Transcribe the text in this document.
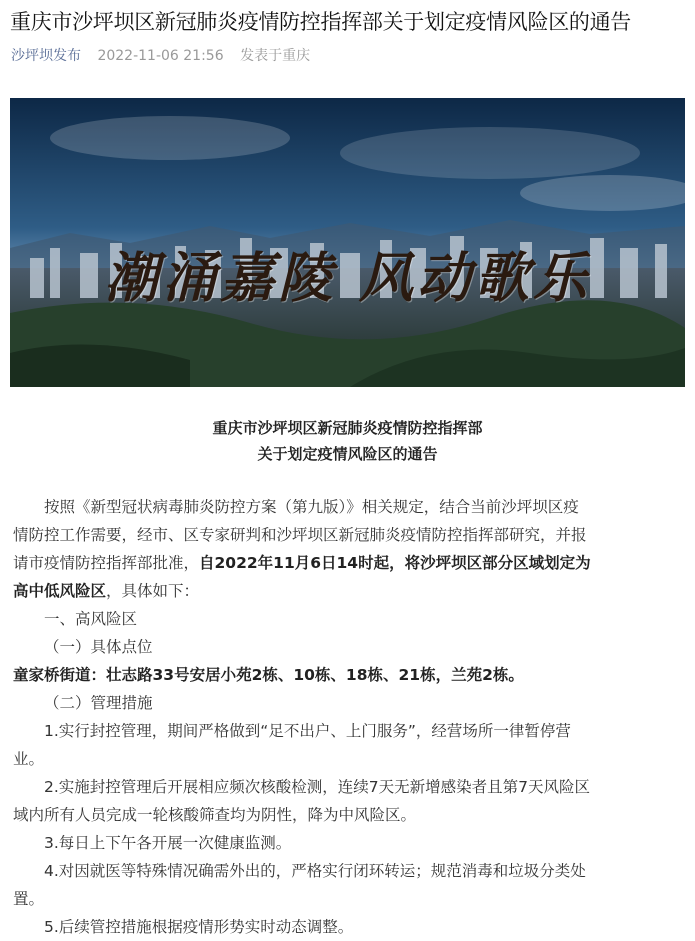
重庆市沙坪坝区新冠肺炎疫情防控指挥部关于划定疫情风险区的通告
沙坪坝发布 2022-11-06 21:56 发表于重庆
潮涌嘉陵 风动歌乐
重庆市沙坪坝区新冠肺炎疫情防控指挥部
关于划定疫情风险区的通告

按照《新型冠状病毒肺炎防控方案（第九版）》相关规定，结合当前沙坪坝区疫

情防控工作需要，经市、区专家研判和沙坪坝区新冠肺炎疫情防控指挥部研究，并报

请市疫情防控指挥部批准，自2022年11月6日14时起，将沙坪坝区部分区域划定为

高中低风险区，具体如下：

一、高风险区

（一）具体点位

童家桥街道：壮志路33号安居小苑2栋、10栋、18栋、21栋，兰苑2栋。

（二）管理措施

1.实行封控管理，期间严格做到“足不出户、上门服务”，经营场所一律暂停营

业。

2.实施封控管理后开展相应频次核酸检测，连续7天无新增感染者且第7天风险区

域内所有人员完成一轮核酸筛查均为阴性，降为中风险区。

3.每日上下午各开展一次健康监测。

4.对因就医等特殊情况确需外出的，严格实行闭环转运；规范消毒和垃圾分类处

置。

5.后续管控措施根据疫情形势实时动态调整。
